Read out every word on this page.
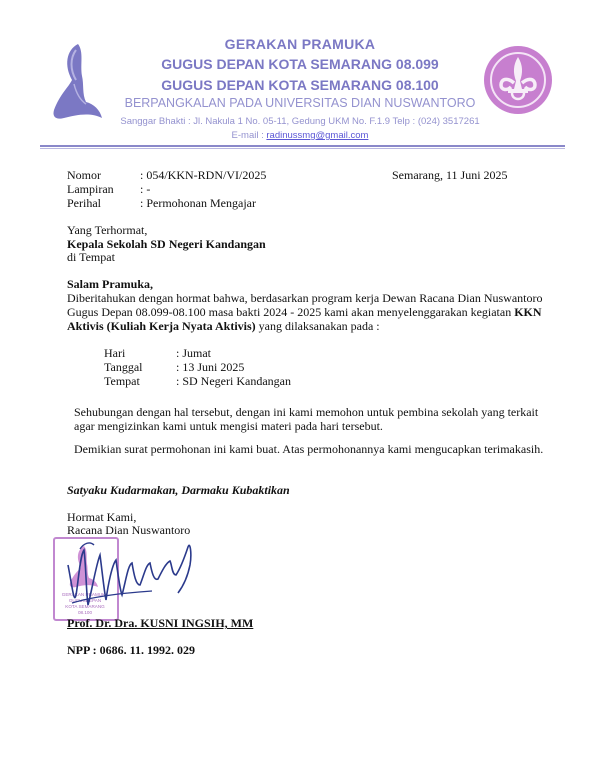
GERAKAN PRAMUKA
GUGUS DEPAN KOTA SEMARANG 08.099
GUGUS DEPAN KOTA SEMARANG 08.100
BERPANGKALAN PADA UNIVERSITAS DIAN NUSWANTORO
Sanggar Bhakti : Jl. Nakula 1 No. 05-11, Gedung UKM No. F.1.9 Telp : (024) 3517261
E-mail : radinussmg@gmail.com
Nomor	: 054/KKN-RDN/VI/2025	Semarang, 11 Juni 2025
Lampiran : -
Perihal	: Permohonan Mengajar
Yang Terhormat,
Kepala Sekolah SD Negeri Kandangan
di Tempat
Salam Pramuka,
Diberitahukan dengan hormat bahwa, berdasarkan program kerja Dewan Racana Dian Nuswantoro
Gugus Depan 08.099-08.100 masa bakti 2024 - 2025 kami akan menyelenggarakan kegiatan KKN
Aktivis (Kuliah Kerja Nyata Aktivis) yang dilaksanakan pada :
Hari	: Jumat
Tanggal	: 13 Juni 2025
Tempat	: SD Negeri Kandangan
Sehubungan dengan hal tersebut, dengan ini kami memohon untuk pembina sekolah yang terkait
agar mengizinkan kami untuk mengisi materi pada hari tersebut.
Demikian surat permohonan ini kami buat. Atas permohonannya kami mengucapkan terimakasih.
Satyaku Kudarmakan, Darmaku Kubaktikan
Hormat Kami,
Racana Dian Nuswantoro
GERAKAN PRAMUKA
GUGUSDEPAN
KOTA SEMARANG
08.100
Prof. Dr. Dra. KUSNI INGSIH, MM
NPP : 0686. 11. 1992. 029
